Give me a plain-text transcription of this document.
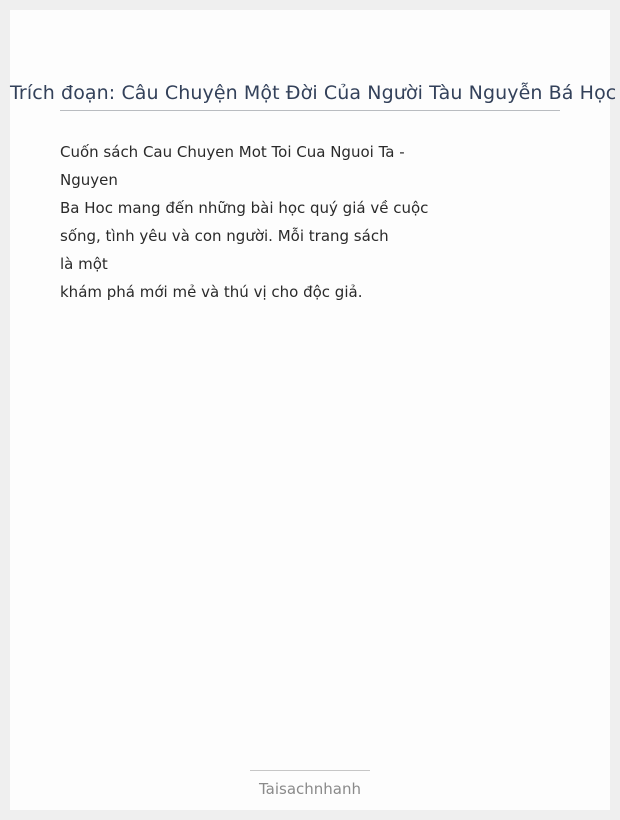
Trích đoạn: Câu Chuyện Một Đời Của Người Tàu Nguyễn Bá Học
Cuốn sách Cau Chuyen Mot Toi Cua Nguoi Ta -
Nguyen
Ba Hoc mang đến những bài học quý giá về cuộc
sống, tình yêu và con người. Mỗi trang sách
là một
khám phá mới mẻ và thú vị cho độc giả.
Taisachnhanh
